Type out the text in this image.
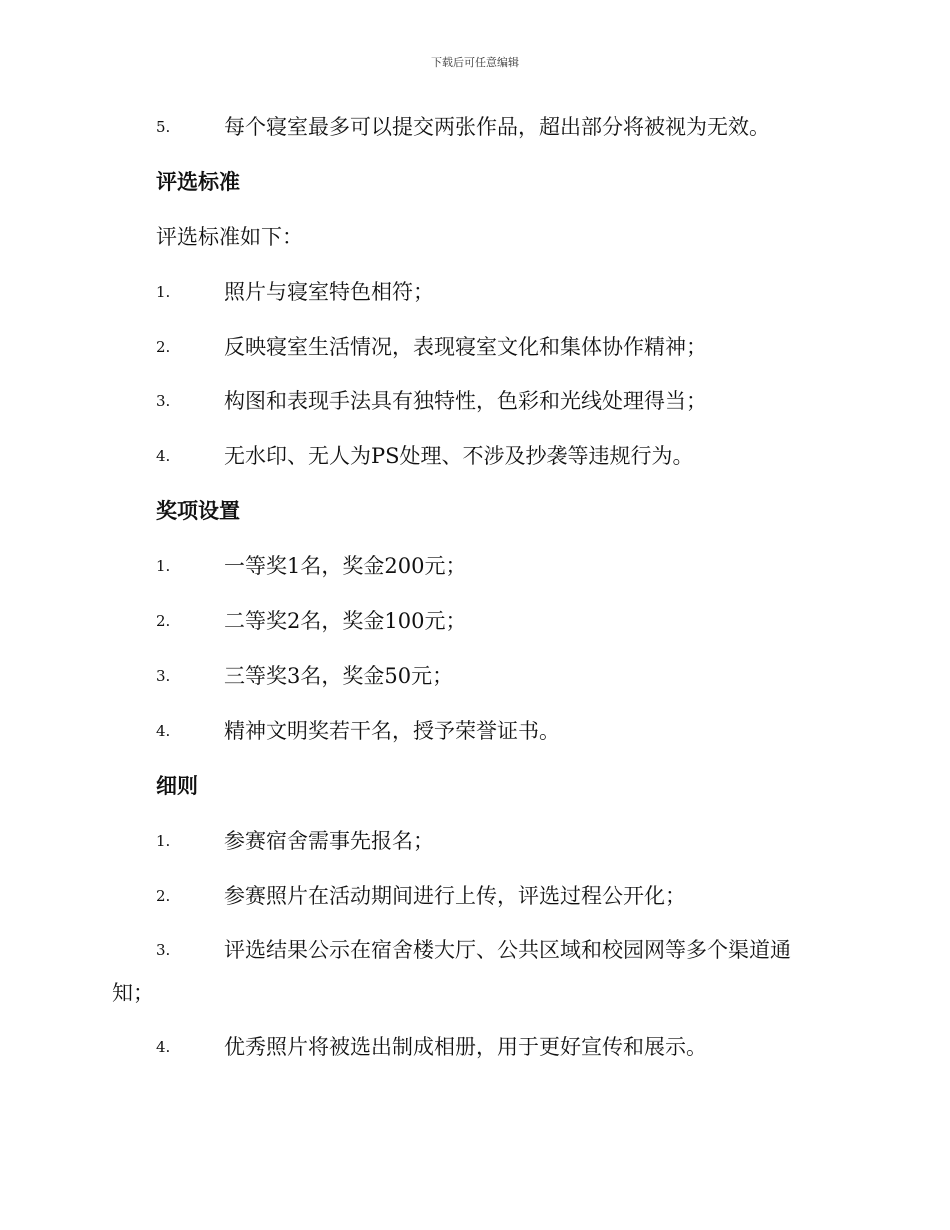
下载后可任意编辑
5.	每个寝室最多可以提交两张作品，超出部分将被视为无效。
评选标准
评选标准如下：
1.	照片与寝室特色相符；
2.	反映寝室生活情况，表现寝室文化和集体协作精神；
3.	构图和表现手法具有独特性，色彩和光线处理得当；
4.	无水印、无人为PS处理、不涉及抄袭等违规行为。
奖项设置
1.	一等奖1名，奖金200元；
2.	二等奖2名，奖金100元；
3.	三等奖3名，奖金50元；
4.	精神文明奖若干名，授予荣誉证书。
细则
1.	参赛宿舍需事先报名；
2.	参赛照片在活动期间进行上传，评选过程公开化；
3.	评选结果公示在宿舍楼大厅、公共区域和校园网等多个渠道通
知；
4.	优秀照片将被选出制成相册，用于更好宣传和展示。
